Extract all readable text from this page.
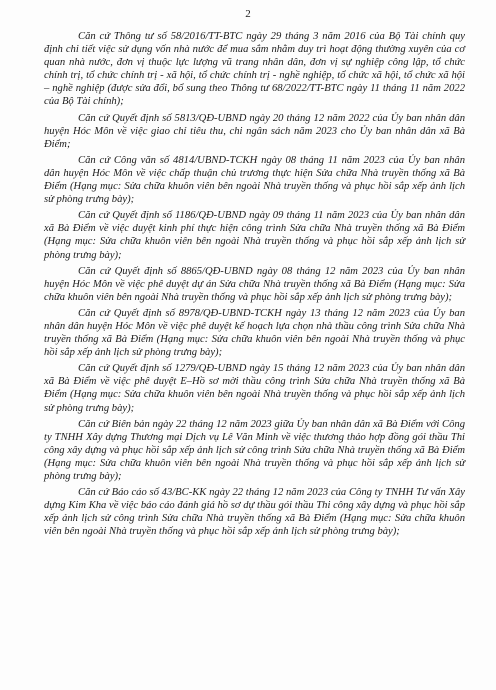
2

Căn cứ Thông tư số 58/2016/TT-BTC ngày 29 tháng 3 năm 2016 của Bộ Tài chính quy định chi tiết việc sử dụng vốn nhà nước để mua sắm nhằm duy trì hoạt động thường xuyên của cơ quan nhà nước, đơn vị thuộc lực lượng vũ trang nhân dân, đơn vị sự nghiệp công lập, tổ chức chính trị, tổ chức chính trị - xã hội, tổ chức chính trị - nghề nghiệp, tổ chức xã hội, tổ chức xã hội – nghề nghiệp (được sửa đổi, bổ sung theo Thông tư 68/2022/TT-BTC ngày 11 tháng 11 năm 2022 của Bộ Tài chính);

Căn cứ Quyết định số 5813/QĐ-UBND ngày 20 tháng 12 năm 2022 của Ủy ban nhân dân huyện Hóc Môn về việc giao chỉ tiêu thu, chi ngân sách năm 2023 cho Ủy ban nhân dân xã Bà Điểm;

Căn cứ Công văn số 4814/UBND-TCKH ngày 08 tháng 11 năm 2023 của Ủy ban nhân dân huyện Hóc Môn về việc chấp thuận chủ trương thực hiện Sửa chữa Nhà truyền thống xã Bà Điểm (Hạng mục: Sửa chữa khuôn viên bên ngoài Nhà truyền thống và phục hồi sắp xếp ảnh lịch sử phòng trưng bày);

Căn cứ Quyết định số 1186/QĐ-UBND ngày 09 tháng 11 năm 2023 của Ủy ban nhân dân xã Bà Điểm về việc duyệt kinh phí thực hiện công trình Sửa chữa Nhà truyền thống xã Bà Điểm (Hạng mục: Sửa chữa khuôn viên bên ngoài Nhà truyền thống và phục hồi sắp xếp ảnh lịch sử phòng trưng bày);

Căn cứ Quyết định số 8865/QĐ-UBND ngày 08 tháng 12 năm 2023 của Ủy ban nhân huyện Hóc Môn về việc phê duyệt dự án Sửa chữa Nhà truyền thống xã Bà Điểm (Hạng mục: Sửa chữa khuôn viên bên ngoài Nhà truyền thống và phục hồi sắp xếp ảnh lịch sử phòng trưng bày);

Căn cứ Quyết định số 8978/QĐ-UBND-TCKH ngày 13 tháng 12 năm 2023 của Ủy ban nhân dân huyện Hóc Môn về việc phê duyệt kế hoạch lựa chọn nhà thầu công trình Sửa chữa Nhà truyền thống xã Bà Điểm (Hạng mục: Sửa chữa khuôn viên bên ngoài Nhà truyền thống và phục hồi sắp xếp ảnh lịch sử phòng trưng bày);

Căn cứ Quyết định số 1279/QĐ-UBND ngày 15 tháng 12 năm 2023 của Ủy ban nhân dân xã Bà Điểm về việc phê duyệt E–Hồ sơ mời thầu công trình Sửa chữa Nhà truyền thống xã Bà Điểm (Hạng mục: Sửa chữa khuôn viên bên ngoài Nhà truyền thống và phục hồi sắp xếp ảnh lịch sử phòng trưng bày);

Căn cứ Biên bản ngày 22 tháng 12 năm 2023 giữa Ủy ban nhân dân xã Bà Điểm với Công ty TNHH Xây dựng Thương mại Dịch vụ Lê Văn Minh về việc thương thảo hợp đồng gói thầu Thi công xây dựng và phục hồi sắp xếp ảnh lịch sử công trình Sửa chữa Nhà truyền thống xã Bà Điểm (Hạng mục: Sửa chữa khuôn viên bên ngoài Nhà truyền thống và phục hồi sắp xếp ảnh lịch sử phòng trưng bày);

Căn cứ Báo cáo số 43/BC-KK ngày 22 tháng 12 năm 2023 của Công ty TNHH Tư vấn Xây dựng Kim Kha về việc báo cáo đánh giá hồ sơ dự thầu gói thầu Thi công xây dựng và phục hồi sắp xếp ảnh lịch sử công trình Sửa chữa Nhà truyền thống xã Bà Điểm (Hạng mục: Sửa chữa khuôn viên bên ngoài Nhà truyền thống và phục hồi sắp xếp ảnh lịch sử phòng trưng bày);
